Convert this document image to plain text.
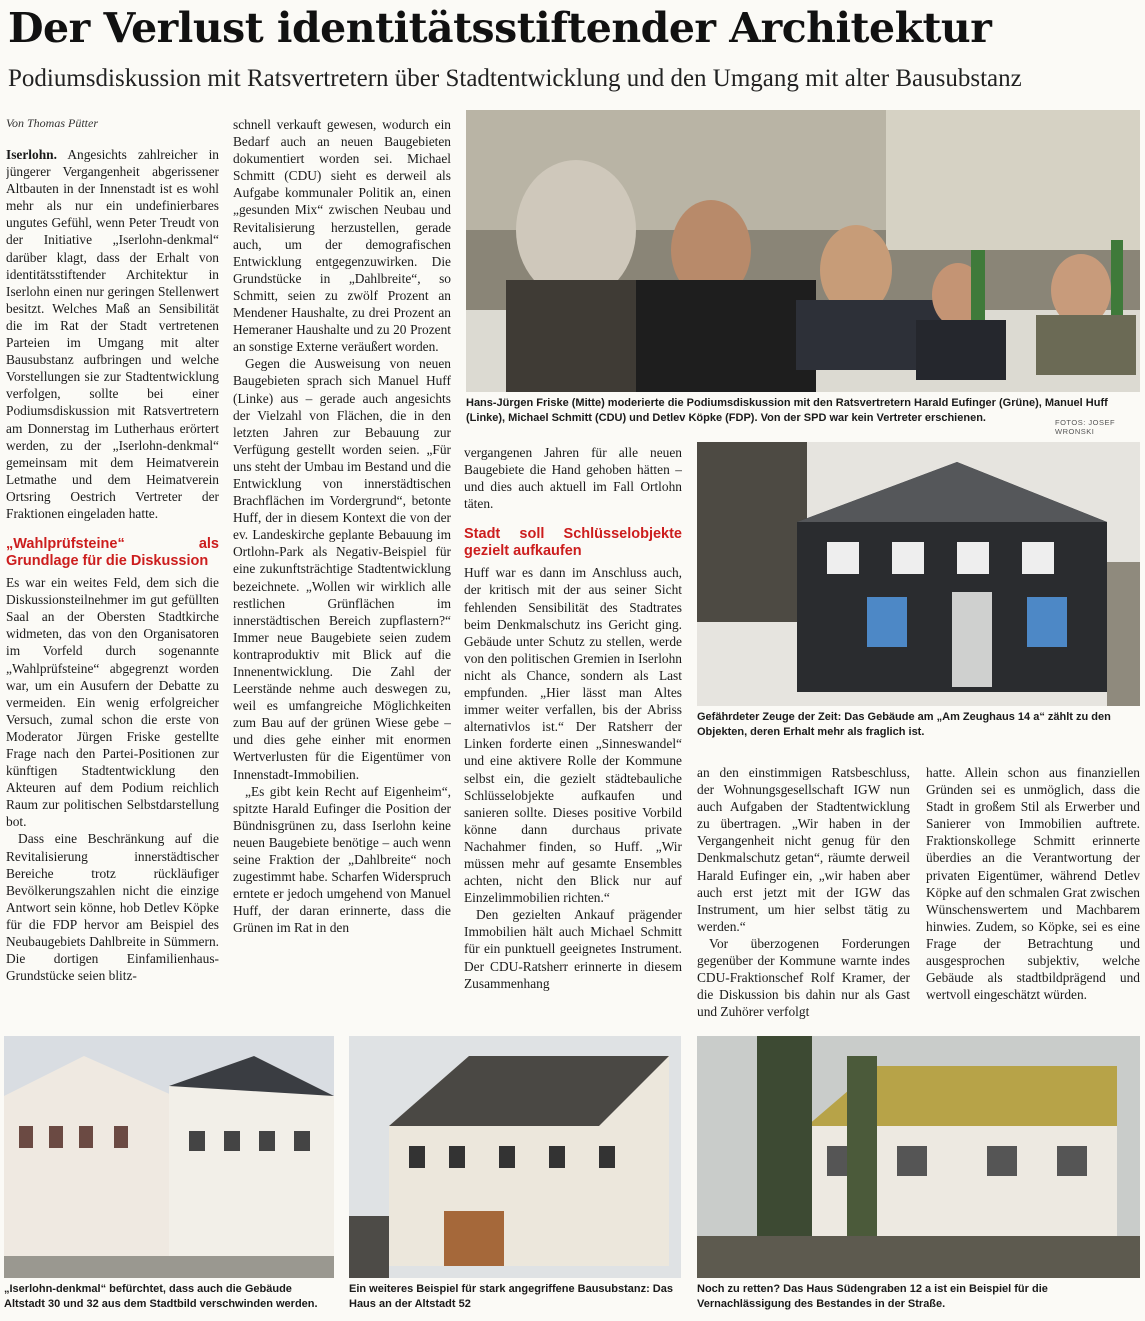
Der Verlust identitätsstiftender Architektur
Podiumsdiskussion mit Ratsvertretern über Stadtentwicklung und den Umgang mit alter Bausubstanz
Von Thomas Pütter

Iserlohn. Angesichts zahlreicher in jüngerer Vergangenheit abgerissener Altbauten in der Innenstadt ist es wohl mehr als nur ein undefinierbares ungutes Gefühl, wenn Peter Treudt von der Initiative „Iserlohn-denkmal“ darüber klagt, dass der Erhalt von identitätsstiftender Architektur in Iserlohn einen nur geringen Stellenwert besitzt. Welches Maß an Sensibilität die im Rat der Stadt vertretenen Parteien im Umgang mit alter Bausubstanz aufbringen und welche Vorstellungen sie zur Stadtentwicklung verfolgen, sollte bei einer Podiumsdiskussion mit Ratsvertretern am Donnerstag im Lutherhaus erörtert werden, zu der „Iserlohn-denkmal“ gemeinsam mit dem Heimatverein Letmathe und dem Heimatverein Ortsring Oestrich Vertreter der Fraktionen eingeladen hatte.

„Wahlprüfsteine“ als Grundlage für die Diskussion

Es war ein weites Feld, dem sich die Diskussionsteilnehmer im gut gefüllten Saal an der Obersten Stadtkirche widmeten, das von den Organisatoren im Vorfeld durch sogenannte „Wahlprüfsteine“ abgegrenzt worden war, um ein Ausufern der Debatte zu vermeiden. Ein wenig erfolgreicher Versuch, zumal schon die erste von Moderator Jürgen Friske gestellte Frage nach den Partei-Positionen zur künftigen Stadtentwicklung den Akteuren auf dem Podium reichlich Raum zur politischen Selbstdarstellung bot.

Dass eine Beschränkung auf die Revitalisierung innerstädtischer Bereiche trotz rückläufiger Bevölkerungszahlen nicht die einzige Antwort sein könne, hob Detlev Köpke für die FDP hervor am Beispiel des Neubaugebiets Dahlbreite in Sümmern. Die dortigen Einfamilienhaus-Grundstücke seien blitz-

schnell verkauft gewesen, wodurch ein Bedarf auch an neuen Baugebieten dokumentiert worden sei. Michael Schmitt (CDU) sieht es derweil als Aufgabe kommunaler Politik an, einen „gesunden Mix“ zwischen Neubau und Revitalisierung herzustellen, gerade auch, um der demografischen Entwicklung entgegenzuwirken. Die Grundstücke in „Dahlbreite“, so Schmitt, seien zu zwölf Prozent an Mendener Haushalte, zu drei Prozent an Hemeraner Haushalte und zu 20 Prozent an sonstige Externe veräußert worden.

Gegen die Ausweisung von neuen Baugebieten sprach sich Manuel Huff (Linke) aus – gerade auch angesichts der Vielzahl von Flächen, die in den letzten Jahren zur Bebauung zur Verfügung gestellt worden seien. „Für uns steht der Umbau im Bestand und die Entwicklung von innerstädtischen Brachflächen im Vordergrund“, betonte Huff, der in diesem Kontext die von der ev. Landeskirche geplante Bebauung im Ortlohn-Park als Negativ-Beispiel für eine zukunftsträchtige Stadtentwicklung bezeichnete. „Wollen wir wirklich alle restlichen Grünflächen im innerstädtischen Bereich zupflastern?“ Immer neue Baugebiete seien zudem kontraproduktiv mit Blick auf die Innenentwicklung. Die Zahl der Leerstände nehme auch deswegen zu, weil es umfangreiche Möglichkeiten zum Bau auf der grünen Wiese gebe – und dies gehe einher mit enormen Wertverlusten für die Eigentümer von Innenstadt-Immobilien.

„Es gibt kein Recht auf Eigenheim“, spitzte Harald Eufinger die Position der Bündnisgrünen zu, dass Iserlohn keine neuen Baugebiete benötige – auch wenn seine Fraktion der „Dahlbreite“ noch zugestimmt habe. Scharfen Widerspruch erntete er jedoch umgehend von Manuel Huff, der daran erinnerte, dass die Grünen im Rat in den

Hans-Jürgen Friske (Mitte) moderierte die Podiumsdiskussion mit den Ratsvertretern Harald Eufinger (Grüne), Manuel Huff (Linke), Michael Schmitt (CDU) und Detlev Köpke (FDP). Von der SPD war kein Vertreter erschienen.	FOTOS: JOSEF WRONSKI

vergangenen Jahren für alle neuen Baugebiete die Hand gehoben hätten – und dies auch aktuell im Fall Ortlohn täten.

Stadt soll Schlüsselobjekte gezielt aufkaufen

Huff war es dann im Anschluss auch, der kritisch mit der aus seiner Sicht fehlenden Sensibilität des Stadtrates beim Denkmalschutz ins Gericht ging. Gebäude unter Schutz zu stellen, werde von den politischen Gremien in Iserlohn nicht als Chance, sondern als Last empfunden. „Hier lässt man Altes immer weiter verfallen, bis der Abriss alternativlos ist.“ Der Ratsherr der Linken forderte einen „Sinneswandel“ und eine aktivere Rolle der Kommune selbst ein, die gezielt städtebauliche Schlüsselobjekte aufkaufen und sanieren sollte. Dieses positive Vorbild könne dann durchaus private Nachahmer finden, so Huff. „Wir müssen mehr auf gesamte Ensembles achten, nicht den Blick nur auf Einzelimmobilien richten.“

Den gezielten Ankauf prägender Immobilien hält auch Michael Schmitt für ein punktuell geeignetes Instrument. Der CDU-Ratsherr erinnerte in diesem Zusammenhang

Gefährdeter Zeuge der Zeit: Das Gebäude am „Am Zeughaus 14 a“ zählt zu den Objekten, deren Erhalt mehr als fraglich ist.

an den einstimmigen Ratsbeschluss, der Wohnungsgesellschaft IGW nun auch Aufgaben der Stadtentwicklung zu übertragen. „Wir haben in der Vergangenheit nicht genug für den Denkmalschutz getan“, räumte derweil Harald Eufinger ein, „wir haben aber auch erst jetzt mit der IGW das Instrument, um hier selbst tätig zu werden.“

Vor überzogenen Forderungen gegenüber der Kommune warnte indes CDU-Fraktionschef Rolf Kramer, der die Diskussion bis dahin nur als Gast und Zuhörer verfolgt

hatte. Allein schon aus finanziellen Gründen sei es unmöglich, dass die Stadt in großem Stil als Erwerber und Sanierer von Immobilien auftrete. Fraktionskollege Schmitt erinnerte überdies an die Verantwortung der privaten Eigentümer, während Detlev Köpke auf den schmalen Grat zwischen Wünschenswertem und Machbarem hinwies. Zudem, so Köpke, sei es eine Frage der Betrachtung und ausgesprochen subjektiv, welche Gebäude als stadtbildprägend und wertvoll eingeschätzt würden.

„Iserlohn-denkmal“ befürchtet, dass auch die Gebäude Altstadt 30 und 32 aus dem Stadtbild verschwinden werden.
Ein weiteres Beispiel für stark angegriffene Bausubstanz: Das Haus an der Altstadt 52
Noch zu retten? Das Haus Südengraben 12 a ist ein Beispiel für die Vernachlässigung des Bestandes in der Straße.
